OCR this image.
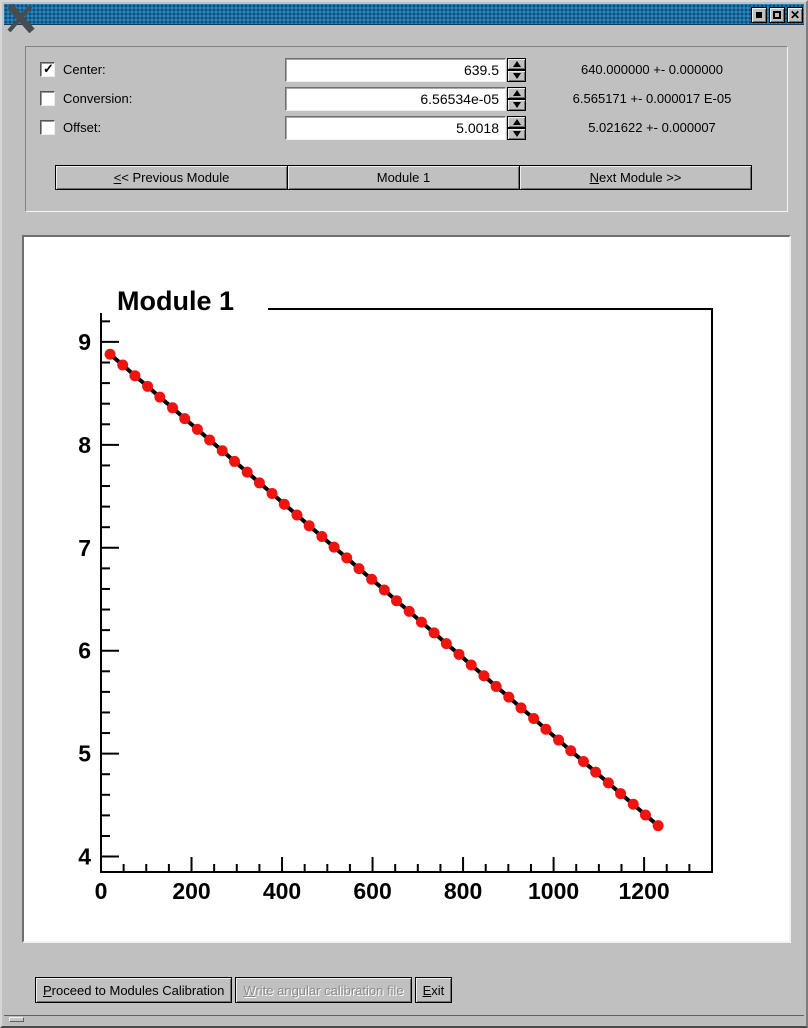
✕
✓ Center:
639.5	640.000000 +- 0.000000
Conversion:
6.56534e-05	6.565171 +- 0.000017 E-05
Offset:
5.0018	5.021622 +- 0.000007
<< Previous Module	Module 1	Next Module >>
0	200 400 600 800 1000 1200
4
5
6
7
8
9
Module 1
Proceed to Modules Calibration Write angular calibration file Exit
